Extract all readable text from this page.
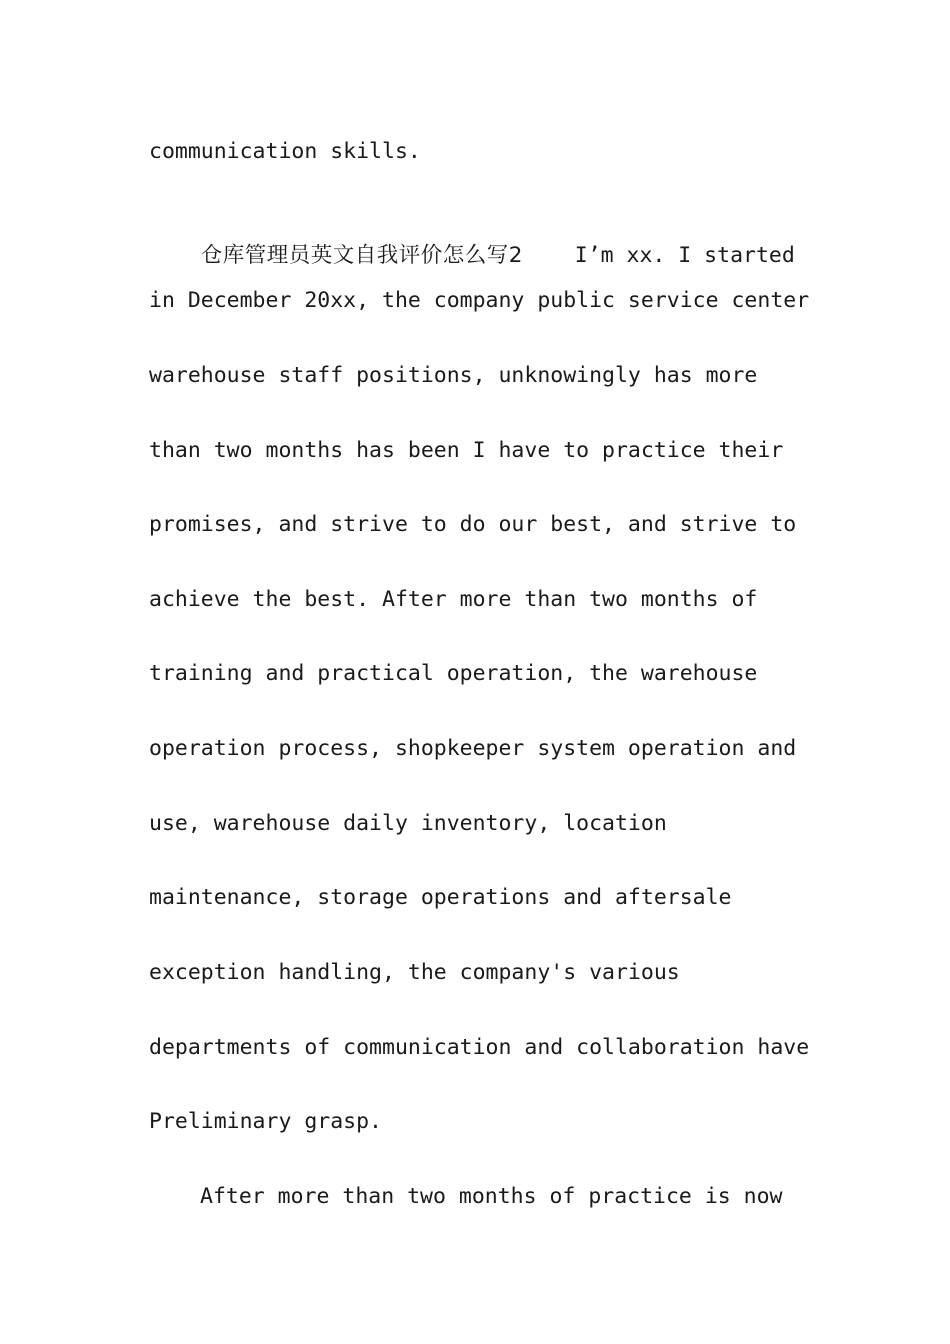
communication skills.

仓库管理员英文自我评价怎么写2    I’m xx. I started

in December 20xx, the company public service center
warehouse staff positions, unknowingly has more
than two months has been I have to practice their
promises, and strive to do our best, and strive to
achieve the best. After more than two months of
training and practical operation, the warehouse
operation process, shopkeeper system operation and
use, warehouse daily inventory, location
maintenance, storage operations and aftersale
exception handling, the company's various
departments of communication and collaboration have
Preliminary grasp.
After more than two months of practice is now
